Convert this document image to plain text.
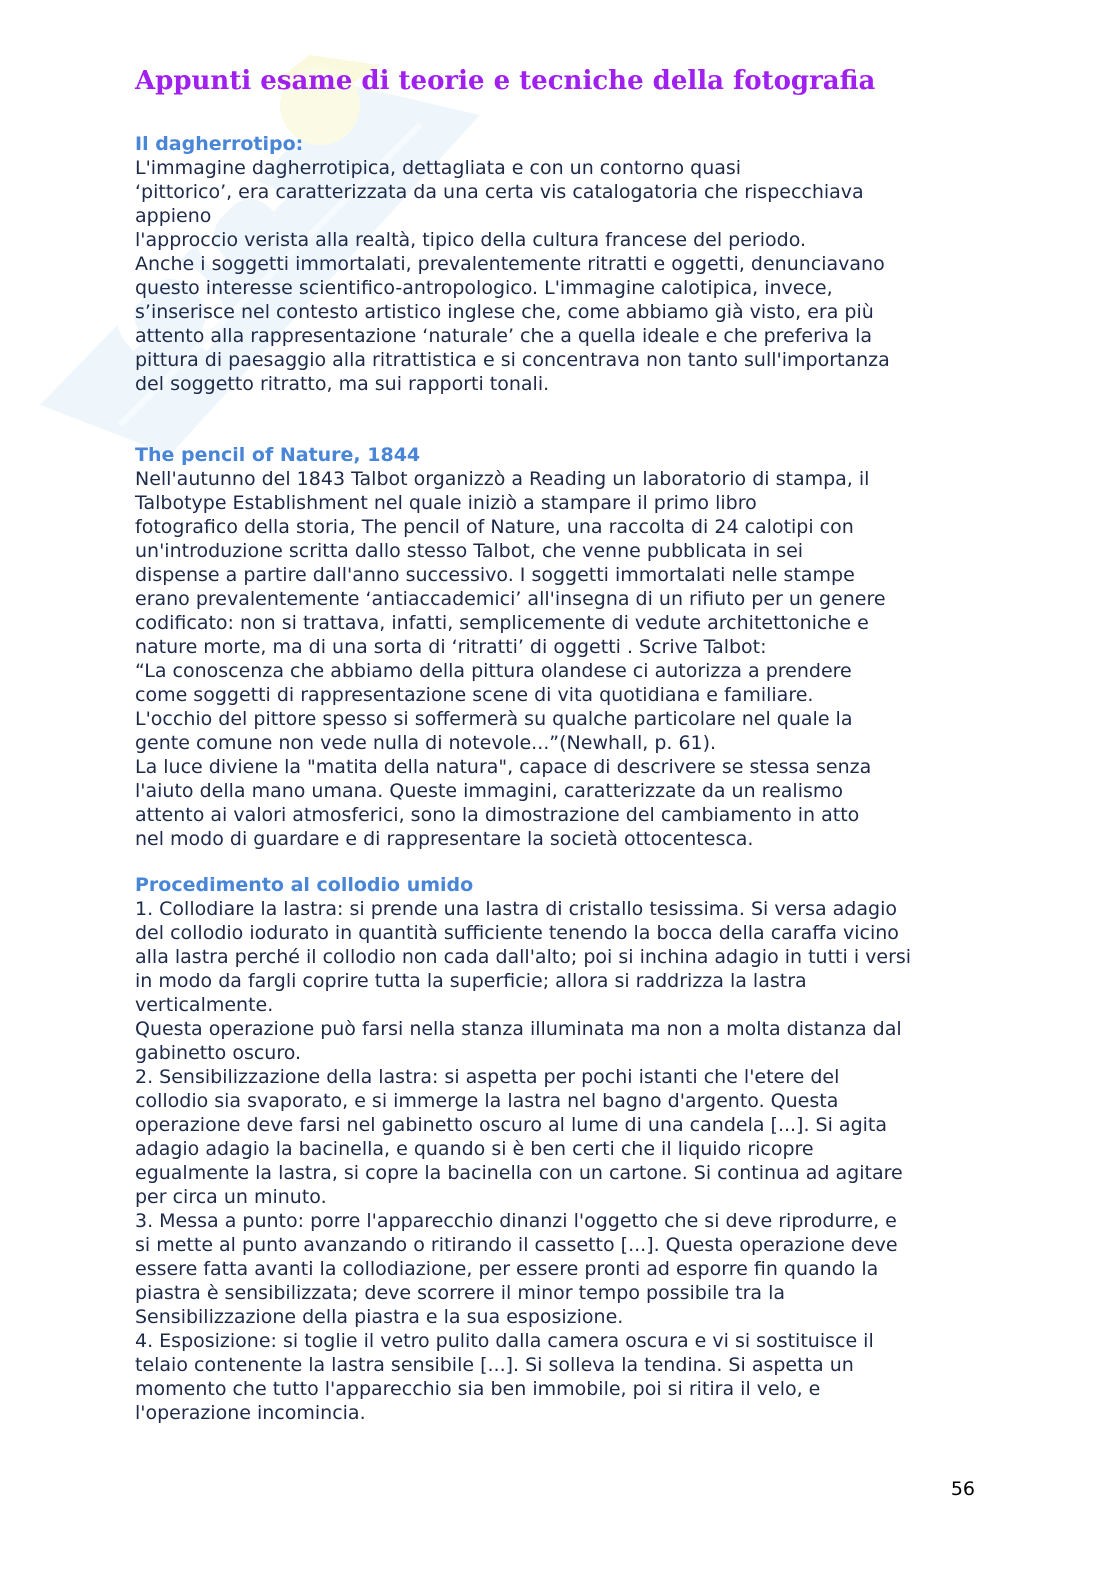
Appunti esame di teorie e tecniche della fotografia

Il dagherrotipo:

L'immagine dagherrotipica, dettagliata e con un contorno quasi

‘pittorico’, era caratterizzata da una certa vis catalogatoria che rispecchiava

appieno

l'approccio verista alla realtà, tipico della cultura francese del periodo.

Anche i soggetti immortalati, prevalentemente ritratti e oggetti, denunciavano

questo interesse scientifico-antropologico. L'immagine calotipica, invece,

s’inserisce nel contesto artistico inglese che, come abbiamo già visto, era più

attento alla rappresentazione ‘naturale’ che a quella ideale e che preferiva la

pittura di paesaggio alla ritrattistica e si concentrava non tanto sull'importanza

del soggetto ritratto, ma sui rapporti tonali.

The pencil of Nature, 1844

Nell'autunno del 1843 Talbot organizzò a Reading un laboratorio di stampa, il

Talbotype Establishment nel quale iniziò a stampare il primo libro

fotografico della storia, The pencil of Nature, una raccolta di 24 calotipi con

un'introduzione scritta dallo stesso Talbot, che venne pubblicata in sei

dispense a partire dall'anno successivo. I soggetti immortalati nelle stampe

erano prevalentemente ‘antiaccademici’ all'insegna di un rifiuto per un genere

codificato: non si trattava, infatti, semplicemente di vedute architettoniche e

nature morte, ma di una sorta di ‘ritratti’ di oggetti . Scrive Talbot:

“La conoscenza che abbiamo della pittura olandese ci autorizza a prendere

come soggetti di rappresentazione scene di vita quotidiana e familiare.

L'occhio del pittore spesso si soffermerà su qualche particolare nel quale la

gente comune non vede nulla di notevole...”(Newhall, p. 61).

La luce diviene la "matita della natura", capace di descrivere se stessa senza

l'aiuto della mano umana. Queste immagini, caratterizzate da un realismo

attento ai valori atmosferici, sono la dimostrazione del cambiamento in atto

nel modo di guardare e di rappresentare la società ottocentesca.

Procedimento al collodio umido

1. Collodiare la lastra: si prende una lastra di cristallo tesissima. Si versa adagio

del collodio iodurato in quantità sufficiente tenendo la bocca della caraffa vicino

alla lastra perché il collodio non cada dall'alto; poi si inchina adagio in tutti i versi

in modo da fargli coprire tutta la superficie; allora si raddrizza la lastra

verticalmente.

Questa operazione può farsi nella stanza illuminata ma non a molta distanza dal

gabinetto oscuro.

2. Sensibilizzazione della lastra: si aspetta per pochi istanti che l'etere del

collodio sia svaporato, e si immerge la lastra nel bagno d'argento. Questa

operazione deve farsi nel gabinetto oscuro al lume di una candela [...]. Si agita

adagio adagio la bacinella, e quando si è ben certi che il liquido ricopre

egualmente la lastra, si copre la bacinella con un cartone. Si continua ad agitare

per circa un minuto.

3. Messa a punto: porre l'apparecchio dinanzi l'oggetto che si deve riprodurre, e

si mette al punto avanzando o ritirando il cassetto [...]. Questa operazione deve

essere fatta avanti la collodiazione, per essere pronti ad esporre fin quando la

piastra è sensibilizzata; deve scorrere il minor tempo possibile tra la

Sensibilizzazione della piastra e la sua esposizione.

4. Esposizione: si toglie il vetro pulito dalla camera oscura e vi si sostituisce il

telaio contenente la lastra sensibile [...]. Si solleva la tendina. Si aspetta un

momento che tutto l'apparecchio sia ben immobile, poi si ritira il velo, e

l'operazione incomincia.

56
